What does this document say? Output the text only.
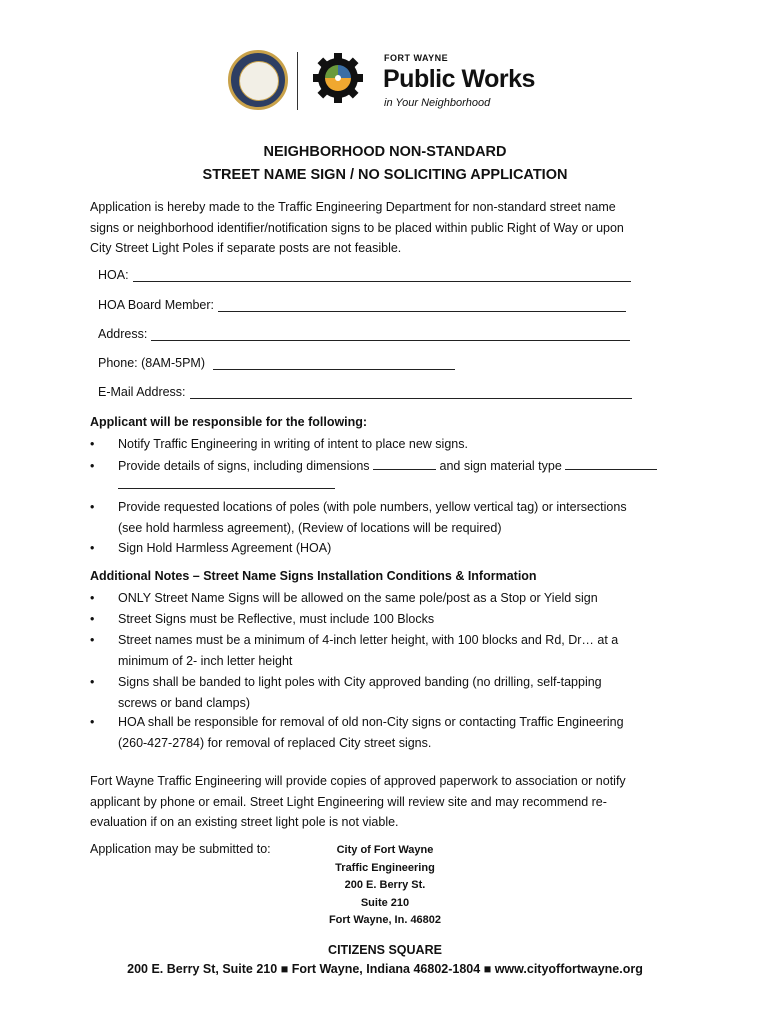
FORT WAYNE
Public Works
in Your Neighborhood
NEIGHBORHOOD NON-STANDARD
STREET NAME SIGN / NO SOLICITING APPLICATION
Application is hereby made to the Traffic Engineering Department for non-standard street name
signs or neighborhood identifier/notification signs to be placed within public Right of Way or upon
City Street Light Poles if separate posts are not feasible.
HOA:
HOA Board Member:
Address:
Phone: (8AM-5PM)
E-Mail Address:
Applicant will be responsible for the following:
• Notify Traffic Engineering in writing of intent to place new signs.
• Provide details of signs, including dimensions	and sign material type
• Provide requested locations of poles (with pole numbers, yellow vertical tag) or intersections
(see hold harmless agreement), (Review of locations will be required)
• Sign Hold Harmless Agreement (HOA)
Additional Notes – Street Name Signs Installation Conditions & Information
• ONLY Street Name Signs will be allowed on the same pole/post as a Stop or Yield sign
• Street Signs must be Reflective, must include 100 Blocks
• Street names must be a minimum of 4-inch letter height, with 100 blocks and Rd, Dr… at a
minimum of 2- inch letter height
• Signs shall be banded to light poles with City approved banding (no drilling, self-tapping
screws or band clamps)
• HOA shall be responsible for removal of old non-City signs or contacting Traffic Engineering
(260-427-2784) for removal of replaced City street signs.
Fort Wayne Traffic Engineering will provide copies of approved paperwork to association or notify
applicant by phone or email. Street Light Engineering will review site and may recommend re-
evaluation if on an existing street light pole is not viable.
Application may be submitted to:	City of Fort Wayne
Traffic Engineering
200 E. Berry St.
Suite 210
Fort Wayne, In. 46802
CITIZENS SQUARE
200 E. Berry St, Suite 210 ■ Fort Wayne, Indiana 46802-1804 ■ www.cityoffortwayne.org
